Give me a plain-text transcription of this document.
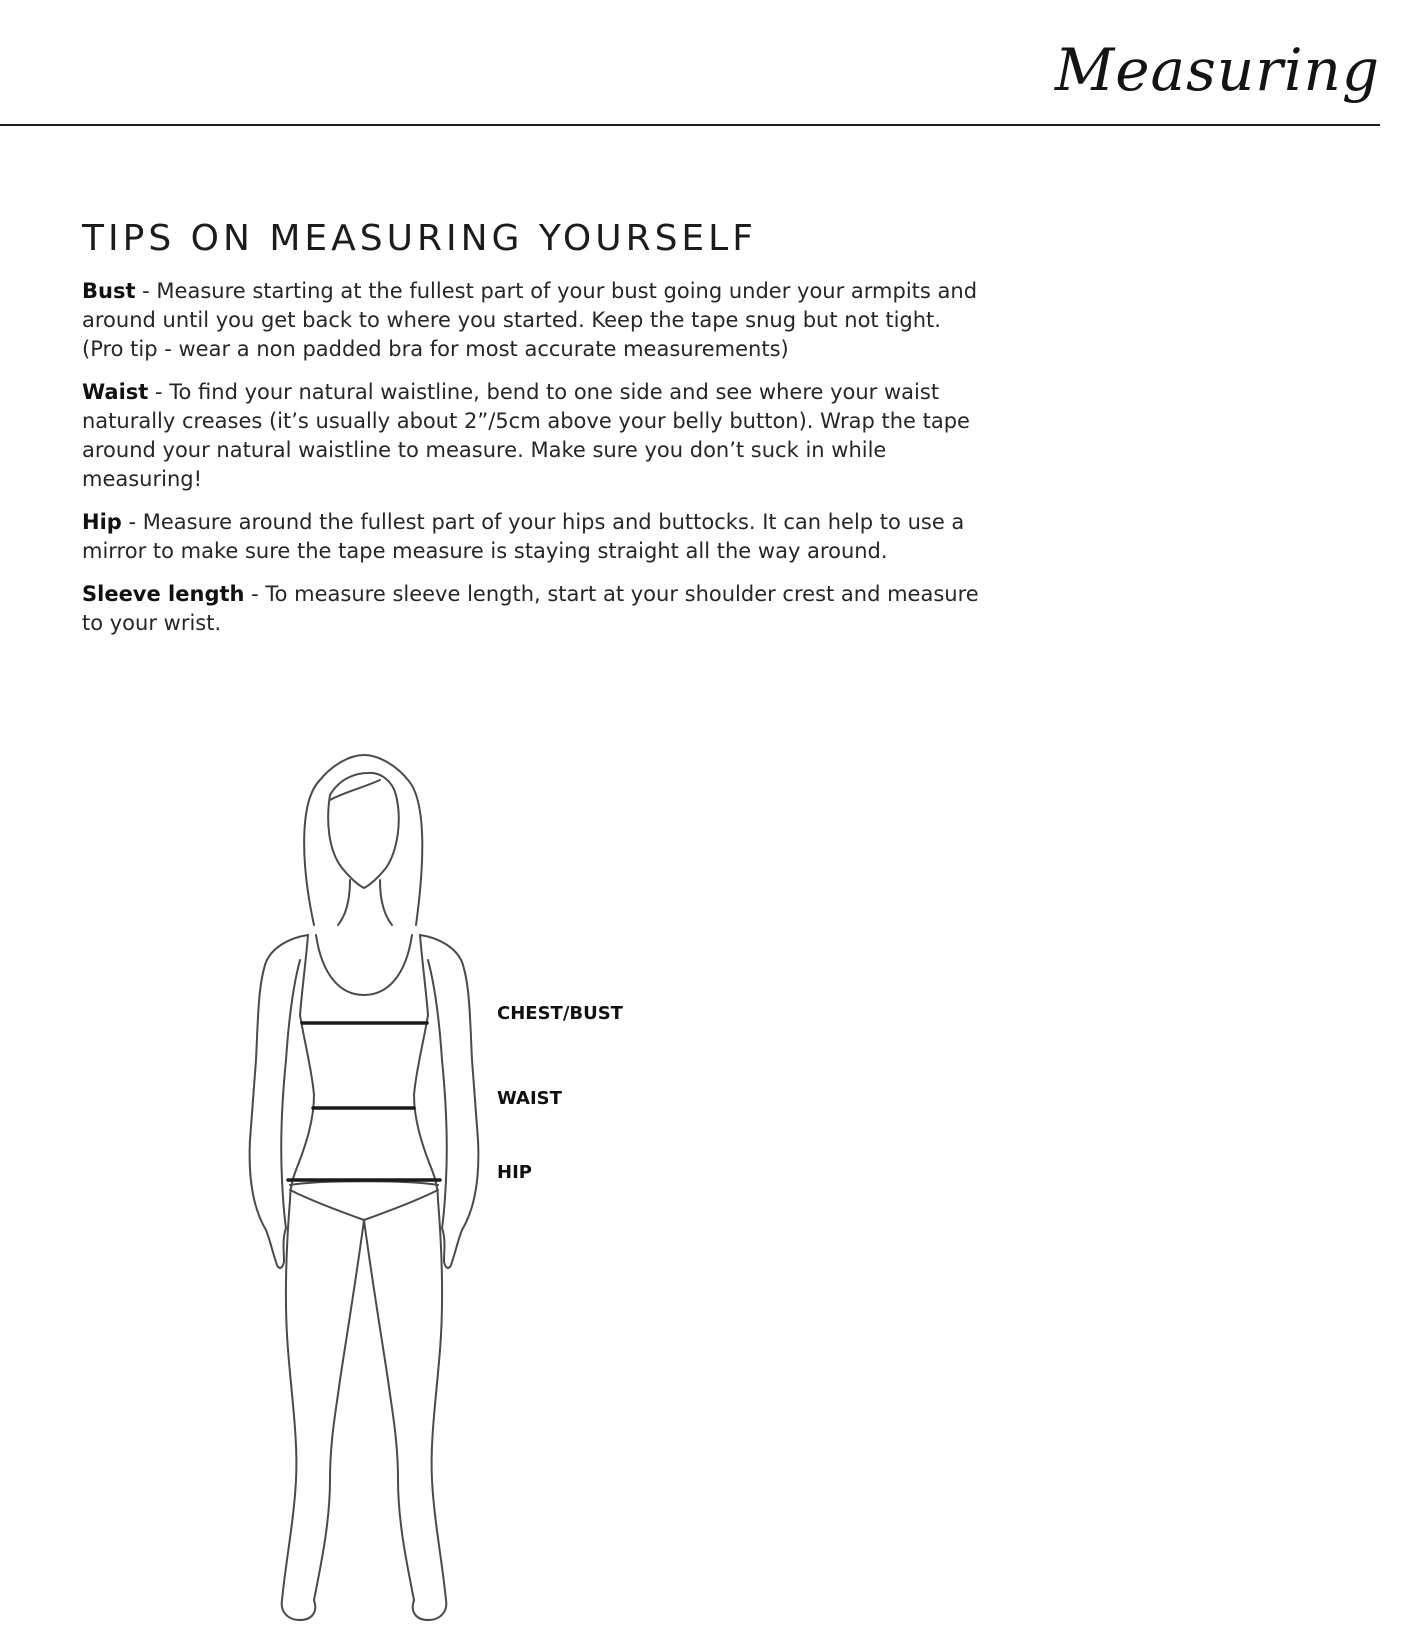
Measuring
TIPS ON MEASURING YOURSELF

Bust - Measure starting at the fullest part of your bust going under your armpits and around until you get back to where you started. Keep the tape snug but not tight. (Pro tip - wear a non padded bra for most accurate measurements)

Waist - To find your natural waistline, bend to one side and see where your waist naturally creases (it’s usually about 2”/5cm above your belly button). Wrap the tape around your natural waistline to measure. Make sure you don’t suck in while measuring!

Hip - Measure around the fullest part of your hips and buttocks. It can help to use a mirror to make sure the tape measure is staying straight all the way around.

Sleeve length - To measure sleeve length, start at your shoulder crest and measure to your wrist.

CHEST/BUST
WAIST
HIP
